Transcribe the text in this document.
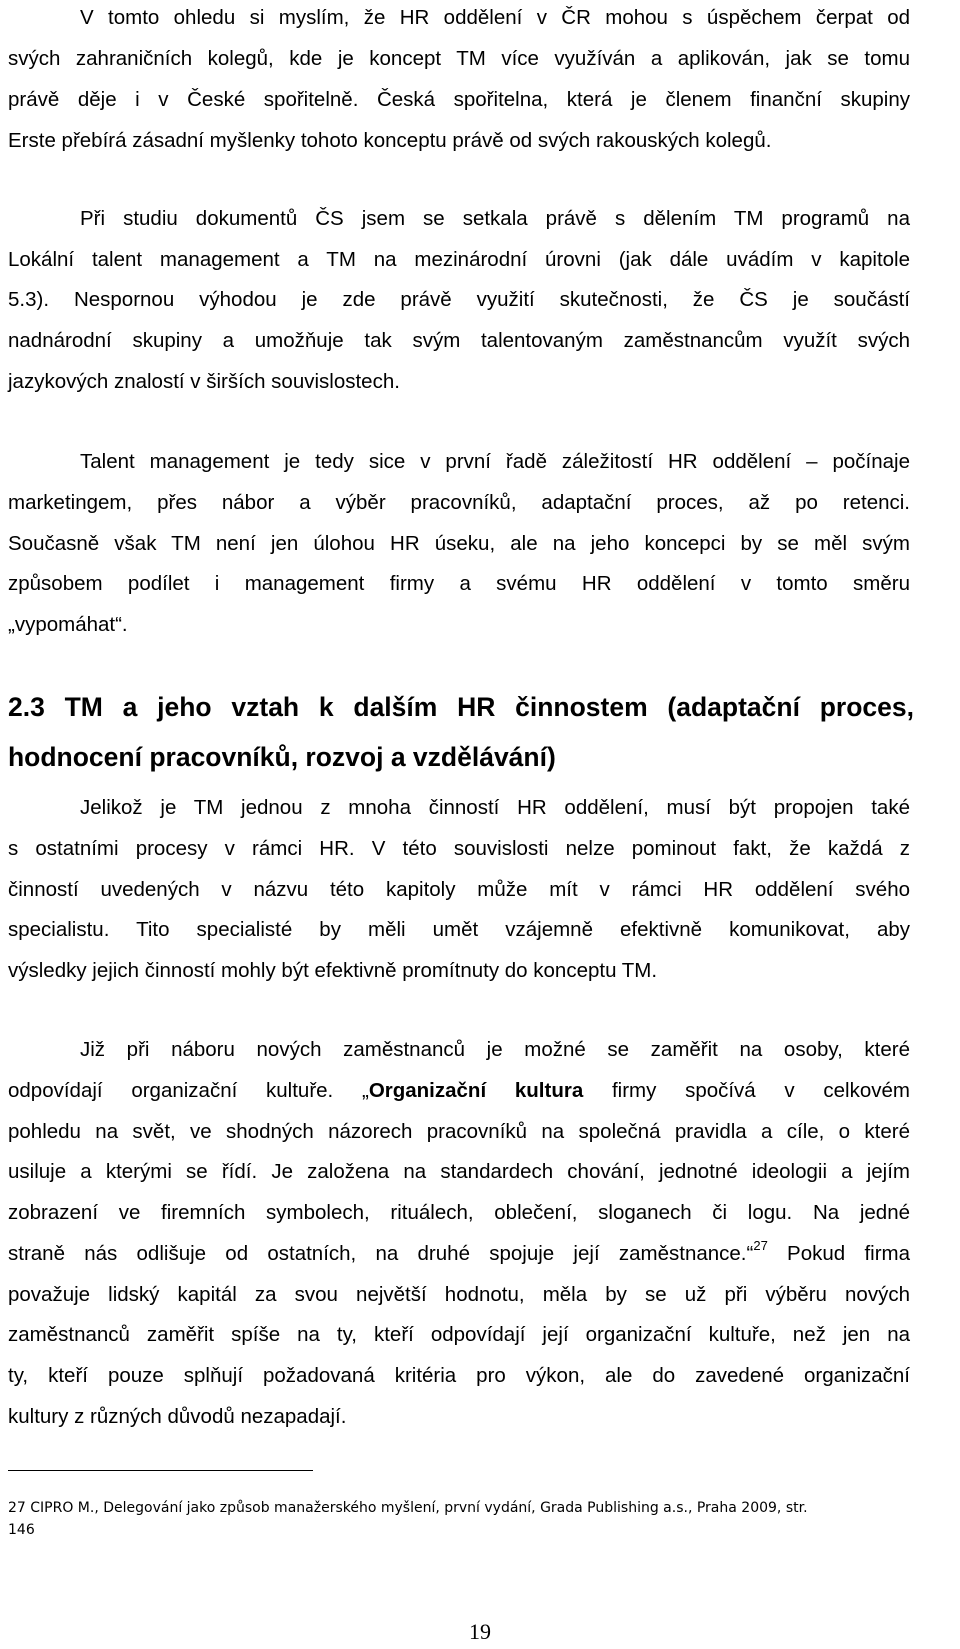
V tomto ohledu si myslím, že HR oddělení v ČR mohou s úspěchem čerpat od
svých zahraničních kolegů, kde je koncept TM více využíván a aplikován, jak se tomu
právě děje i v České spořitelně. Česká spořitelna, která je členem finanční skupiny
Erste přebírá zásadní myšlenky tohoto konceptu právě od svých rakouských kolegů.
Při studiu dokumentů ČS jsem se setkala právě s dělením TM programů na
Lokální talent management a TM na mezinárodní úrovni (jak dále uvádím v kapitole
5.3). Nespornou výhodou je zde právě využití skutečnosti, že ČS je součástí
nadnárodní skupiny a umožňuje tak svým talentovaným zaměstnancům využít svých
jazykových znalostí v širších souvislostech.
Talent management je tedy sice v první řadě záležitostí HR oddělení – počínaje
marketingem, přes nábor a výběr pracovníků, adaptační proces, až po retenci.
Současně však TM není jen úlohou HR úseku, ale na jeho koncepci by se měl svým
způsobem podílet i management firmy a svému HR oddělení v tomto směru
„vypomáhat“.
2.3 TM a jeho vztah k dalším HR činnostem (adaptační proces,
hodnocení pracovníků, rozvoj a vzdělávání)
Jelikož je TM jednou z mnoha činností HR oddělení, musí být propojen také
s ostatními procesy v rámci HR. V této souvislosti nelze pominout fakt, že každá z
činností uvedených v názvu této kapitoly může mít v rámci HR oddělení svého
specialistu. Tito specialisté by měli umět vzájemně efektivně komunikovat, aby
výsledky jejich činností mohly být efektivně promítnuty do konceptu TM.
Již při náboru nových zaměstnanců je možné se zaměřit na osoby, které
odpovídají organizační kultuře. „Organizační kultura firmy spočívá v celkovém
pohledu na svět, ve shodných názorech pracovníků na společná pravidla a cíle, o které
usiluje a kterými se řídí. Je založena na standardech chování, jednotné ideologii a jejím
zobrazení ve firemních symbolech, rituálech, oblečení, sloganech či logu. Na jedné
straně nás odlišuje od ostatních, na druhé spojuje její zaměstnance.“$^{27}$ Pokud firma
považuje lidský kapitál za svou největší hodnotu, měla by se už při výběru nových
zaměstnanců zaměřit spíše na ty, kteří odpovídají její organizační kultuře, než jen na
ty, kteří pouze splňují požadovaná kritéria pro výkon, ale do zavedené organizační
kultury z různých důvodů nezapadají.
27 CIPRO M., Delegování jako způsob manažerského myšlení, první vydání, Grada Publishing a.s., Praha 2009, str.
146
19
